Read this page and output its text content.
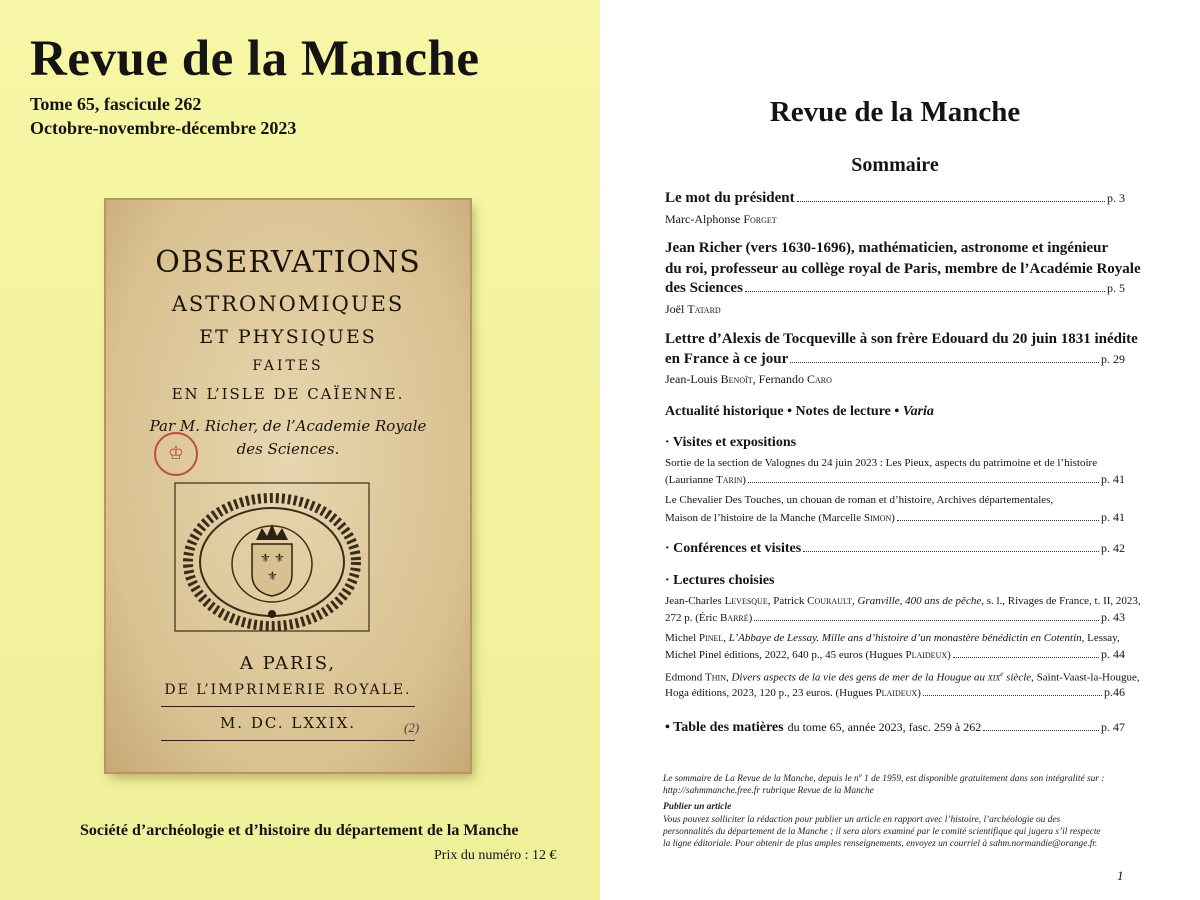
Revue de la Manche
Tome 65, fascicule 262
Octobre-novembre-décembre 2023
OBSERVATIONS
ASTRONOMIQUES
ET PHYSIQUES
FAITES
EN L’ISLE DE CAÏENNE.
Par M. Richer, de l’Academie Royale
des Sciences.
♔
⚜ ⚜
⚜
A PARIS,
DE L’IMPRIMERIE ROYALE.
M. DC. LXXIX.	(2)
Société d’archéologie et d’histoire du département de la Manche
Prix du numéro : 12 €
Revue de la Manche
Sommaire
Le mot du président	p. 3
Marc-Alphonse Forget
Jean Richer (vers 1630-1696), mathématicien, astronome et ingénieur
du roi, professeur au collège royal de Paris, membre de l’Académie Royale
des Sciences	p. 5
Joël Tatard
Lettre d’Alexis de Tocqueville à son frère Edouard du 20 juin 1831 inédite
en France à ce jour	p. 29
Jean-Louis Benoît, Fernando Caro
Actualité historique • Notes de lecture • Varia
· Visites et expositions
Sortie de la section de Valognes du 24 juin 2023 : Les Pieux, aspects du patrimoine et de l’histoire
(Laurianne Tarin)	p. 41
Le Chevalier Des Touches, un chouan de roman et d’histoire, Archives départementales,
Maison de l’histoire de la Manche (Marcelle Simon)	p. 41
· Conférences et visites	p. 42
· Lectures choisies
Jean-Charles Levesque, Patrick Courault, Granville, 400 ans de pêche, s. l., Rivages de France, t. II, 2023,
272 p. (Éric Barré)	p. 43
Michel Pinel, L’Abbaye de Lessay. Mille ans d’histoire d’un monastère bénédictin en Cotentin, Lessay,
Michel Pinel éditions, 2022, 640 p., 45 euros (Hugues Plaideux)	p. 44
Edmond Thin, Divers aspects de la vie des gens de mer de la Hougue au xix$^e$ siècle, Saint-Vaast-la-Hougue,
Hoga éditions, 2023, 120 p., 23 euros. (Hugues Plaideux)	p.46
• Table des matières du tome 65, année 2023, fasc. 259 à 262	p. 47
Le sommaire de La Revue de la Manche, depuis le $n^o$ 1 de 1959, est disponible gratuitement dans son intégralité sur :
http://sahmmanche.free.fr rubrique Revue de la Manche
Publier un article
Vous pouvez solliciter la rédaction pour publier un article en rapport avec l’histoire, l’archéologie ou des
personnalités du département de la Manche ; il sera alors examiné par le comité scientifique qui jugera s’il respecte
la ligne éditoriale. Pour obtenir de plus amples renseignements, envoyez un courriel à sahm.normandie@orange.fr.
1
